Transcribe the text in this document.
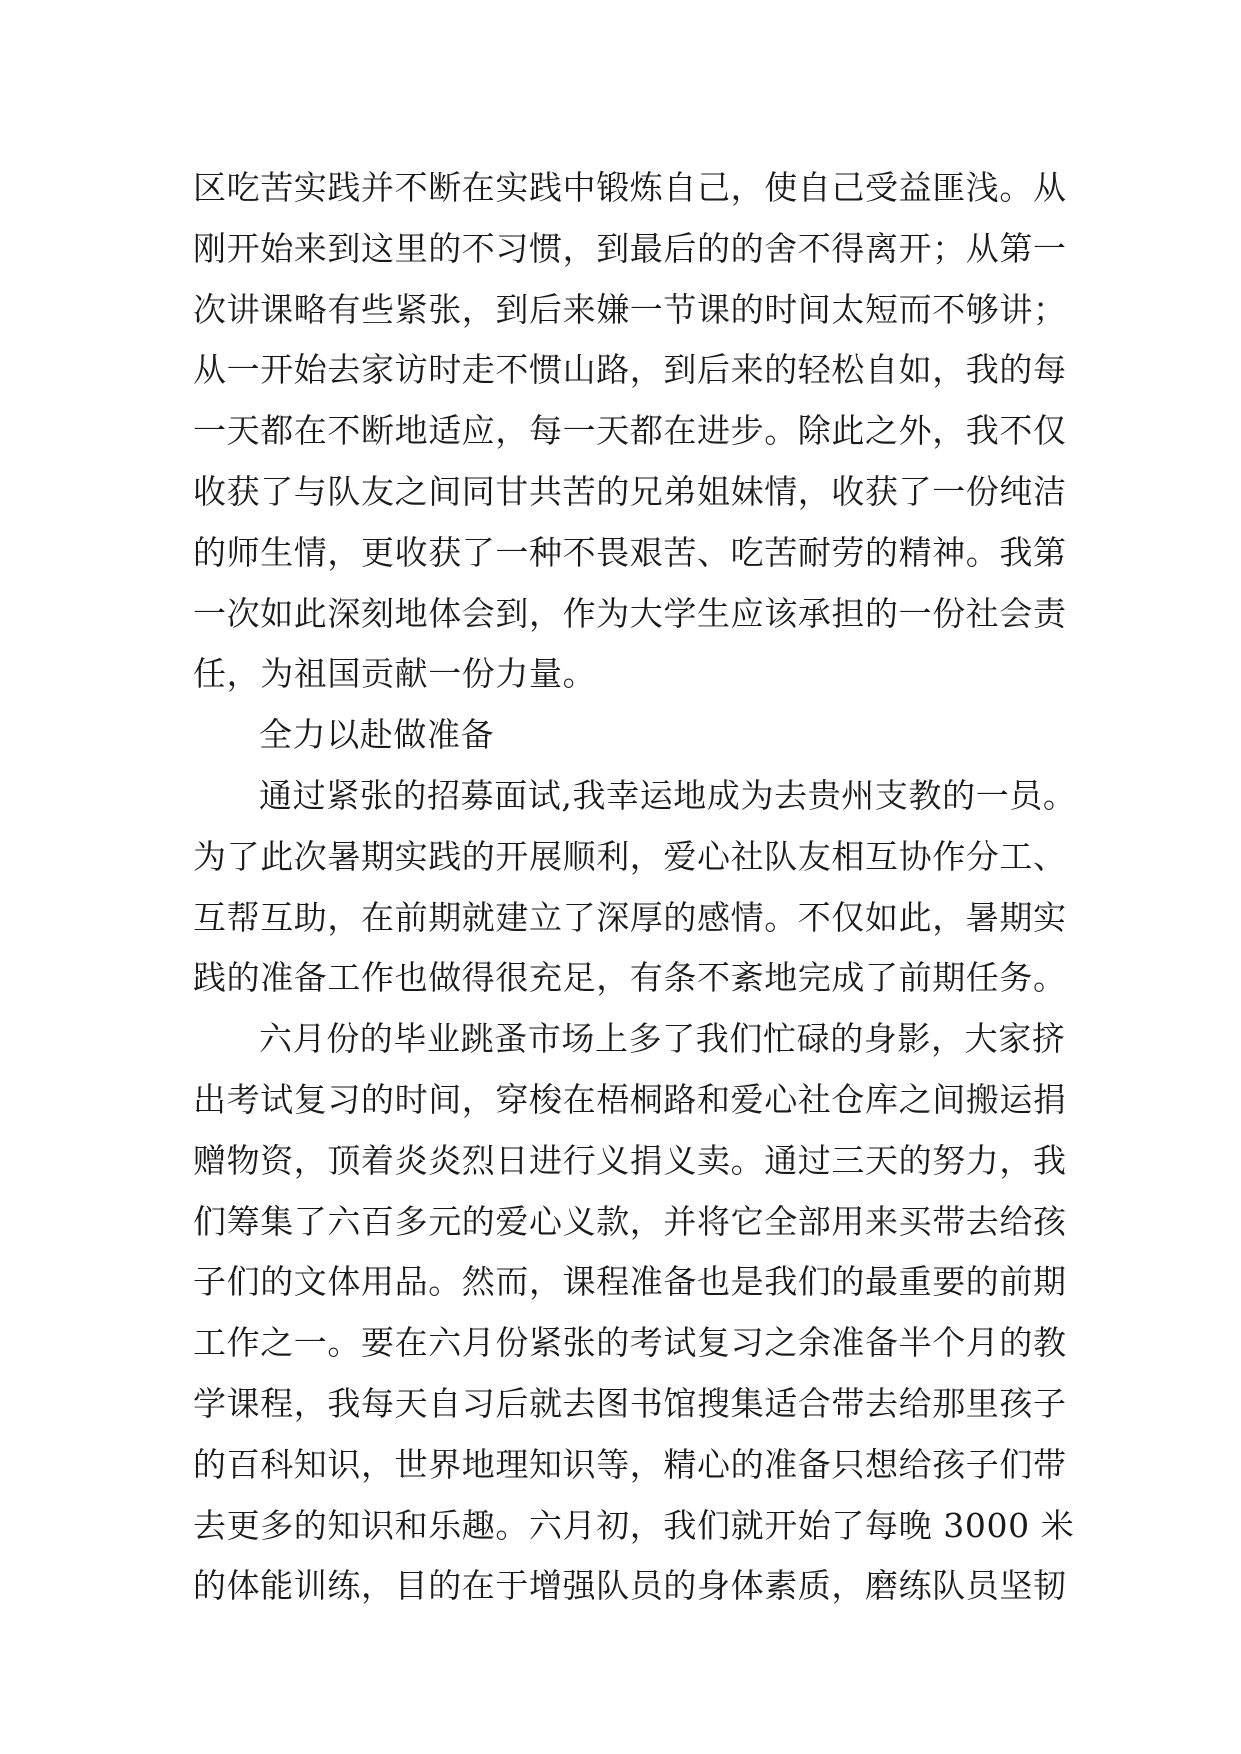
区吃苦实践并不断在实践中锻炼自己，使自己受益匪浅。从
刚开始来到这里的不习惯，到最后的的舍不得离开；从第一
次讲课略有些紧张，到后来嫌一节课的时间太短而不够讲；
从一开始去家访时走不惯山路，到后来的轻松自如，我的每
一天都在不断地适应，每一天都在进步。除此之外，我不仅
收获了与队友之间同甘共苦的兄弟姐妹情，收获了一份纯洁
的师生情，更收获了一种不畏艰苦、吃苦耐劳的精神。我第
一次如此深刻地体会到，作为大学生应该承担的一份社会责
任，为祖国贡献一份力量。
全力以赴做准备
通过紧张的招募面试,我幸运地成为去贵州支教的一员。
为了此次暑期实践的开展顺利，爱心社队友相互协作分工、
互帮互助，在前期就建立了深厚的感情。不仅如此，暑期实
践的准备工作也做得很充足，有条不紊地完成了前期任务。
六月份的毕业跳蚤市场上多了我们忙碌的身影，大家挤
出考试复习的时间，穿梭在梧桐路和爱心社仓库之间搬运捐
赠物资，顶着炎炎烈日进行义捐义卖。通过三天的努力，我
们筹集了六百多元的爱心义款，并将它全部用来买带去给孩
子们的文体用品。然而，课程准备也是我们的最重要的前期
工作之一。要在六月份紧张的考试复习之余准备半个月的教
学课程，我每天自习后就去图书馆搜集适合带去给那里孩子
的百科知识，世界地理知识等，精心的准备只想给孩子们带
去更多的知识和乐趣。六月初，我们就开始了每晚 3000 米
的体能训练，目的在于增强队员的身体素质，磨练队员坚韧
